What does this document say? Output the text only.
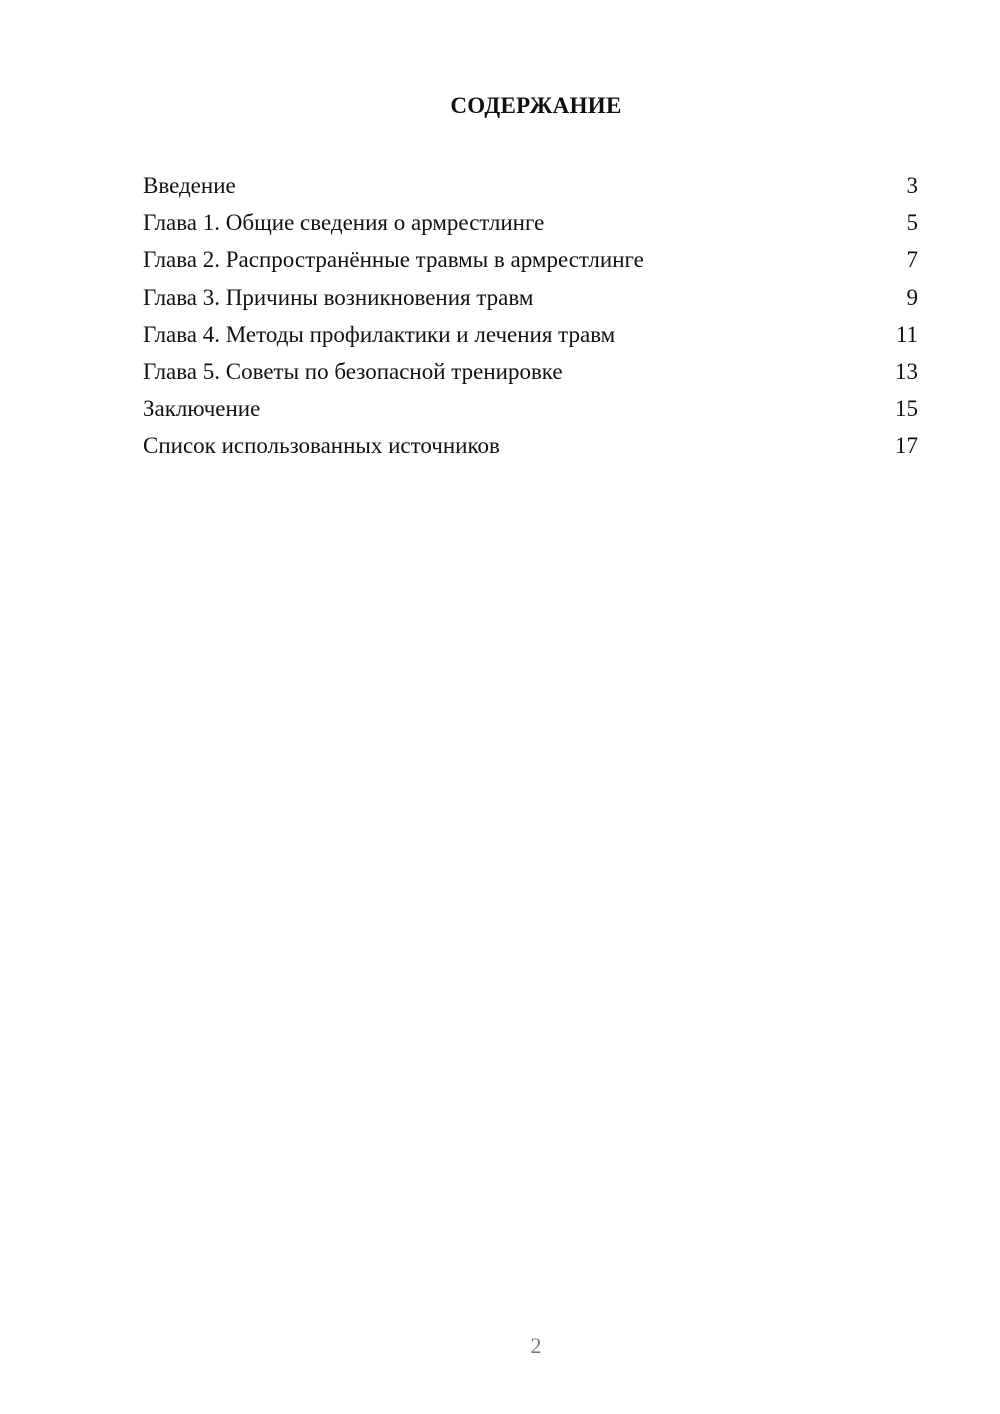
СОДЕРЖАНИЕ
Введение	3
Глава 1. Общие сведения о армрестлинге	5
Глава 2. Распространённые травмы в армрестлинге	7
Глава 3. Причины возникновения травм	9
Глава 4. Методы профилактики и лечения травм	11
Глава 5. Советы по безопасной тренировке	13
Заключение	15
Список использованных источников	17
2
